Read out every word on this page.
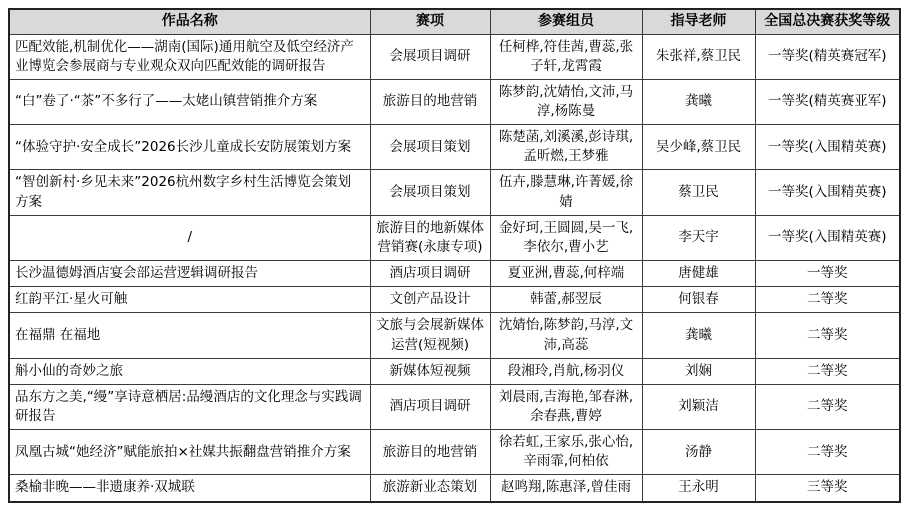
作品名称	赛项	参赛组员	指导老师	全国总决赛获奖等级
匹配效能,机制优化——湖南(国际)通用航空及低空经济产业博览会参展商与专业观众双向匹配效能的调研报告	会展项目调研	任柯桦,符佳茜,曹蕊,张子轩,龙霄霞	朱张祥,蔡卫民	一等奖(精英赛冠军)
“白”卷了·“茶”不多行了——太姥山镇营销推介方案	旅游目的地营销	陈梦韵,沈婧怡,文沛,马淳,杨陈曼	龚曦	一等奖(精英赛亚军)
“体验守护·安全成长”2026长沙儿童成长安防展策划方案	会展项目策划	陈楚菡,刘溪溪,彭诗琪,孟昕燃,王梦雅	吴少峰,蔡卫民	一等奖(入围精英赛)
“智创新村·乡见未来”2026杭州数字乡村生活博览会策划方案	会展项目策划	伍卉,滕慧琳,许菁媛,徐婧	蔡卫民	一等奖(入围精英赛)
/	旅游目的地新媒体营销赛(永康专项)	金好珂,王圆圆,吴一飞,李依尔,曹小艺	李天宇	一等奖(入围精英赛)
长沙温德姆酒店宴会部运营逻辑调研报告	酒店项目调研	夏亚洲,曹蕊,何梓端	唐健雄	一等奖
红韵平江·星火可触	文创产品设计	韩蕾,郝翌辰	何银春	二等奖
在福鼎 在福地	文旅与会展新媒体运营(短视频)	沈婧怡,陈梦韵,马淳,文沛,高蕊	龚曦	二等奖
斛小仙的奇妙之旅	新媒体短视频	段湘玲,肖航,杨羽仪	刘娴	二等奖
品东方之美,“缦”享诗意栖居:品缦酒店的文化理念与实践调研报告	酒店项目调研	刘晨雨,吉海艳,邹春淋,余春燕,曹婷	刘颖洁	二等奖
凤凰古城“她经济”赋能旅拍×社媒共振翻盘营销推介方案	旅游目的地营销	徐若虹,王家乐,张心怡,辛雨霏,何柏依	汤静	二等奖
桑榆非晚——非遗康养·双城联	旅游新业态策划	赵鸣翔,陈惠泽,曾佳雨	王永明	三等奖
